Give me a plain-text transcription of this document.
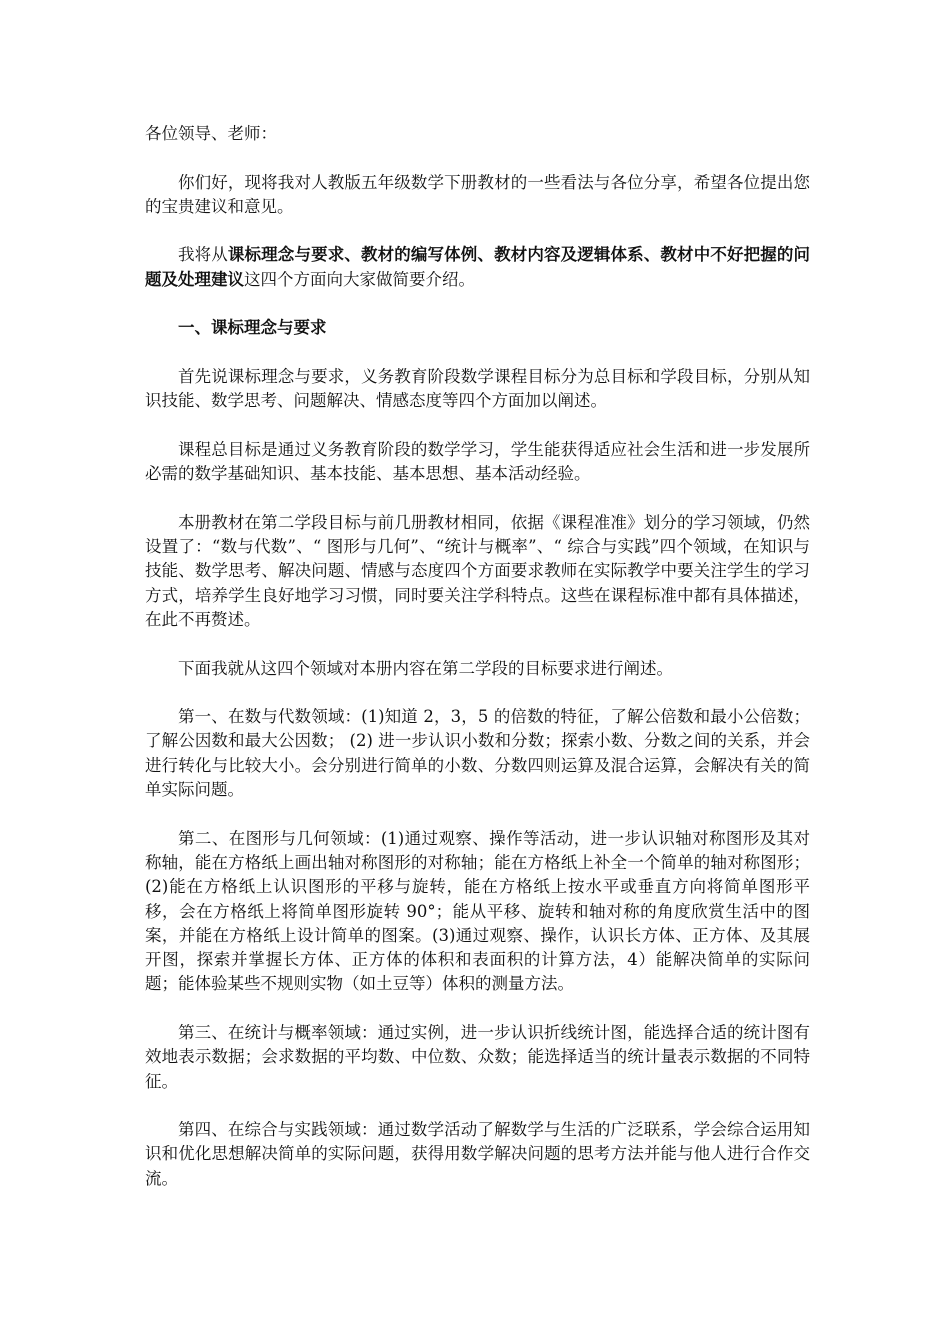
各位领导、老师：

你们好，现将我对人教版五年级数学下册教材的一些看法与各位分享，希望各位提出您的宝贵建议和意见。

我将从课标理念与要求、教材的编写体例、教材内容及逻辑体系、教材中不好把握的问题及处理建议这四个方面向大家做简要介绍。

一、课标理念与要求

首先说课标理念与要求，义务教育阶段数学课程目标分为总目标和学段目标，分别从知识技能、数学思考、问题解决、情感态度等四个方面加以阐述。

课程总目标是通过义务教育阶段的数学学习，学生能获得适应社会生活和进一步发展所必需的数学基础知识、基本技能、基本思想、基本活动经验。

本册教材在第二学段目标与前几册教材相同，依据《课程准准》划分的学习领域，仍然设置了：“数与代数”、“ 图形与几何”、“统计与概率”、“ 综合与实践”四个领域，在知识与技能、数学思考、解决问题、情感与态度四个方面要求教师在实际教学中要关注学生的学习方式，培养学生良好地学习习惯，同时要关注学科特点。这些在课程标准中都有具体描述，在此不再赘述。

下面我就从这四个领域对本册内容在第二学段的目标要求进行阐述。

第一、在数与代数领域：(1)知道 2，3，5 的倍数的特征，了解公倍数和最小公倍数；了解公因数和最大公因数； (2) 进一步认识小数和分数；探索小数、分数之间的关系，并会进行转化与比较大小。会分别进行简单的小数、分数四则运算及混合运算，会解决有关的简单实际问题。

第二、在图形与几何领域：(1)通过观察、操作等活动，进一步认识轴对称图形及其对称轴，能在方格纸上画出轴对称图形的对称轴；能在方格纸上补全一个简单的轴对称图形；(2)能在方格纸上认识图形的平移与旋转，能在方格纸上按水平或垂直方向将简单图形平移，会在方格纸上将简单图形旋转 90°；能从平移、旋转和轴对称的角度欣赏生活中的图案，并能在方格纸上设计简单的图案。(3)通过观察、操作，认识长方体、正方体、及其展开图，探索并掌握长方体、正方体的体积和表面积的计算方法，4）能解决简单的实际问题；能体验某些不规则实物（如土豆等）体积的测量方法。

第三、在统计与概率领域：通过实例，进一步认识折线统计图，能选择合适的统计图有效地表示数据；会求数据的平均数、中位数、众数；能选择适当的统计量表示数据的不同特征。

第四、在综合与实践领域：通过数学活动了解数学与生活的广泛联系，学会综合运用知识和优化思想解决简单的实际问题，获得用数学解决问题的思考方法并能与他人进行合作交流。
